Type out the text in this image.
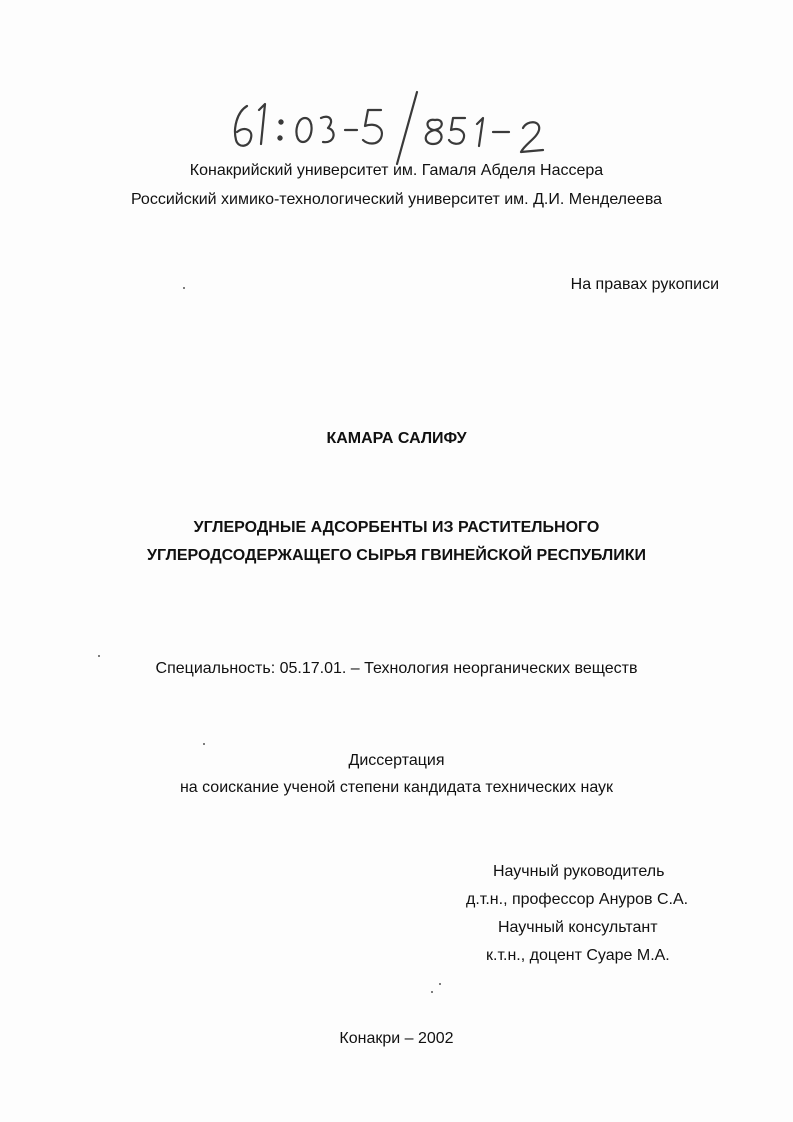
Конакрийский университет им. Гамаля Абделя Нассера
Российский химико-технологический университет им. Д.И. Менделеева
На правах рукописи
КАМАРА САЛИФУ
УГЛЕРОДНЫЕ АДСОРБЕНТЫ ИЗ РАСТИТЕЛЬНОГО
УГЛЕРОДСОДЕРЖАЩЕГО СЫРЬЯ ГВИНЕЙСКОЙ РЕСПУБЛИКИ
Специальность: 05.17.01. – Технология неорганических веществ
Диссертация
на соискание ученой степени кандидата технических наук
Научный руководитель
д.т.н., профессор Ануров С.А.
Научный консультант
к.т.н., доцент Суаре М.А.
Конакри – 2002
